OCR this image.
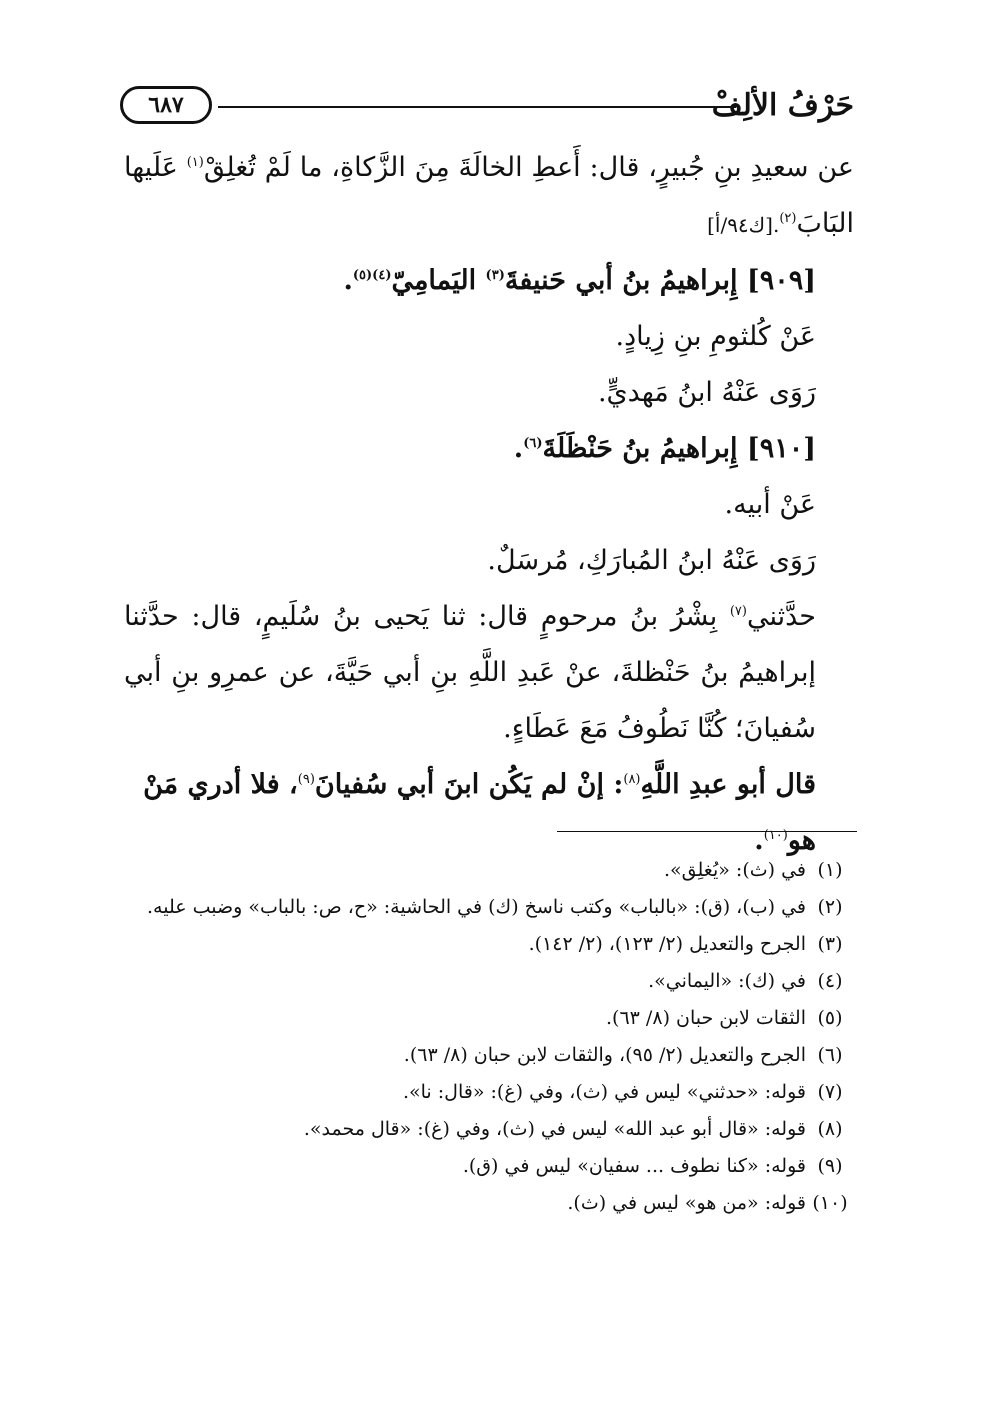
٦٨٧	حَرْفُ الألِفْ

عن سعيدِ بنِ جُبيرٍ، قال: أَعطِ الخالَةَ مِنَ الزَّكاةِ، ما لَمْ تُغلِقْ$^{(١)}$ عَلَيها البَابَ$^{(٢)}$.[ك٩٤/أ]

[٩٠٩] إِبراهيمُ بنُ أبي حَنيفةَ$^{(٣)}$ اليَمامِيّ$^{(٤)(٥)}$.

عَنْ كُلثومِ بنِ زِيادٍ.

رَوَى عَنْهُ ابنُ مَهديٍّ.

[٩١٠] إِبراهيمُ بنُ حَنْظَلَةَ$^{(٦)}$.

عَنْ أبيه.

رَوَى عَنْهُ ابنُ المُبارَكِ، مُرسَلٌ.

حدَّثني$^{(٧)}$ بِشْرُ بنُ مرحومٍ قال: ثنا يَحيى بنُ سُلَيمٍ، قال: حدَّثنا إبراهيمُ بنُ حَنْظلةَ، عنْ عَبدِ اللَّهِ بنِ أبي حَيَّةَ، عن عمرِو بنِ أبي سُفيانَ؛ كُنَّا نَطُوفُ مَعَ عَطَاءٍ.

قال أبو عبدِ اللَّهِ$^{(٨)}$: إنْ لم يَكُن ابنَ أبي سُفيانَ$^{(٩)}$، فلا أدري مَنْ هو$^{(١٠)}$.

(١)
في (ث): «يُغلِق».
(٢)
في (ب)، (ق): «بالباب» وكتب ناسخ (ك) في الحاشية: «ح، ص: بالباب» وضبب عليه.
(٣)
الجرح والتعديل (٢/ ١٢٣)، (٢/ ١٤٢).
(٤)
في (ك): «اليماني».
(٥)
الثقات لابن حبان (٨/ ٦٣).
(٦)
الجرح والتعديل (٢/ ٩٥)، والثقات لابن حبان (٨/ ٦٣).
(٧)
قوله: «حدثني» ليس في (ث)، وفي (غ): «قال: نا».
(٨)
قوله: «قال أبو عبد الله» ليس في (ث)، وفي (غ): «قال محمد».
(٩)
قوله: «كنا نطوف ... سفيان» ليس في (ق).
(١٠)
قوله: «من هو» ليس في (ث).
